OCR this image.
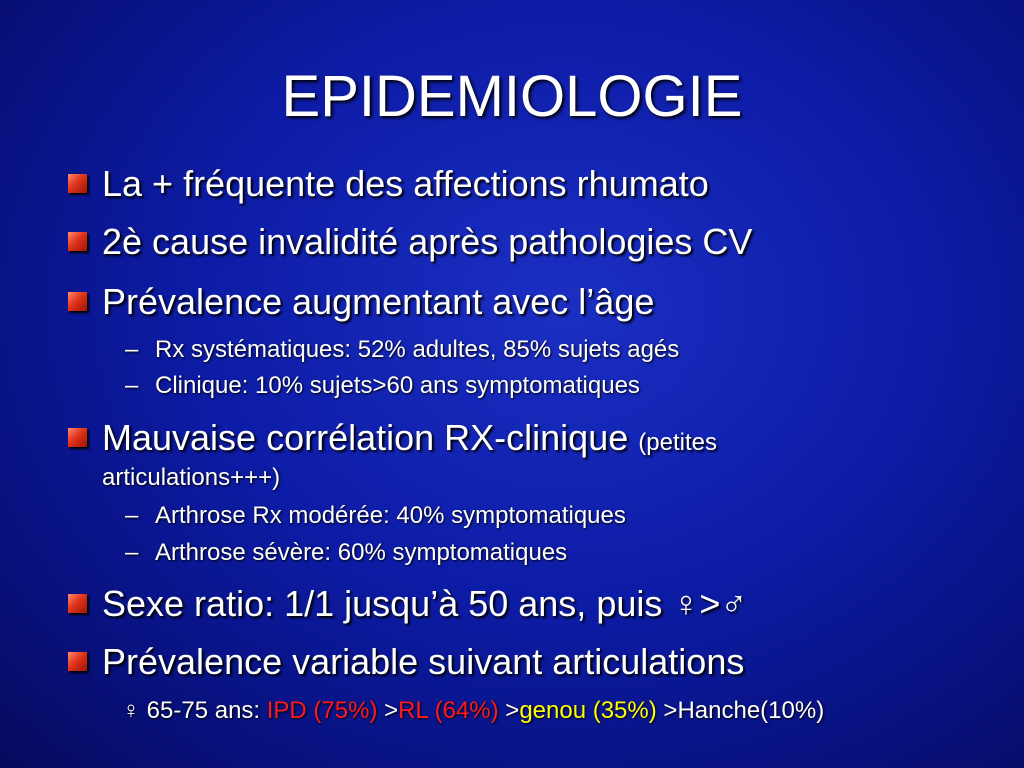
EPIDEMIOLOGIE
La + fréquente des affections rhumato
2è cause invalidité après pathologies CV
Prévalence augmentant avec l’âge
– Rx systématiques: 52% adultes, 85% sujets agés
– Clinique: 10% sujets>60 ans symptomatiques
Mauvaise corrélation RX-clinique (petites
articulations+++)
– Arthrose Rx modérée: 40% symptomatiques
– Arthrose sévère: 60% symptomatiques
Sexe ratio: 1/1 jusqu’à 50 ans, puis ♀>♂
Prévalence variable suivant articulations
♀ 65-75 ans: IPD (75%) >RL (64%) >genou (35%) >Hanche(10%)
